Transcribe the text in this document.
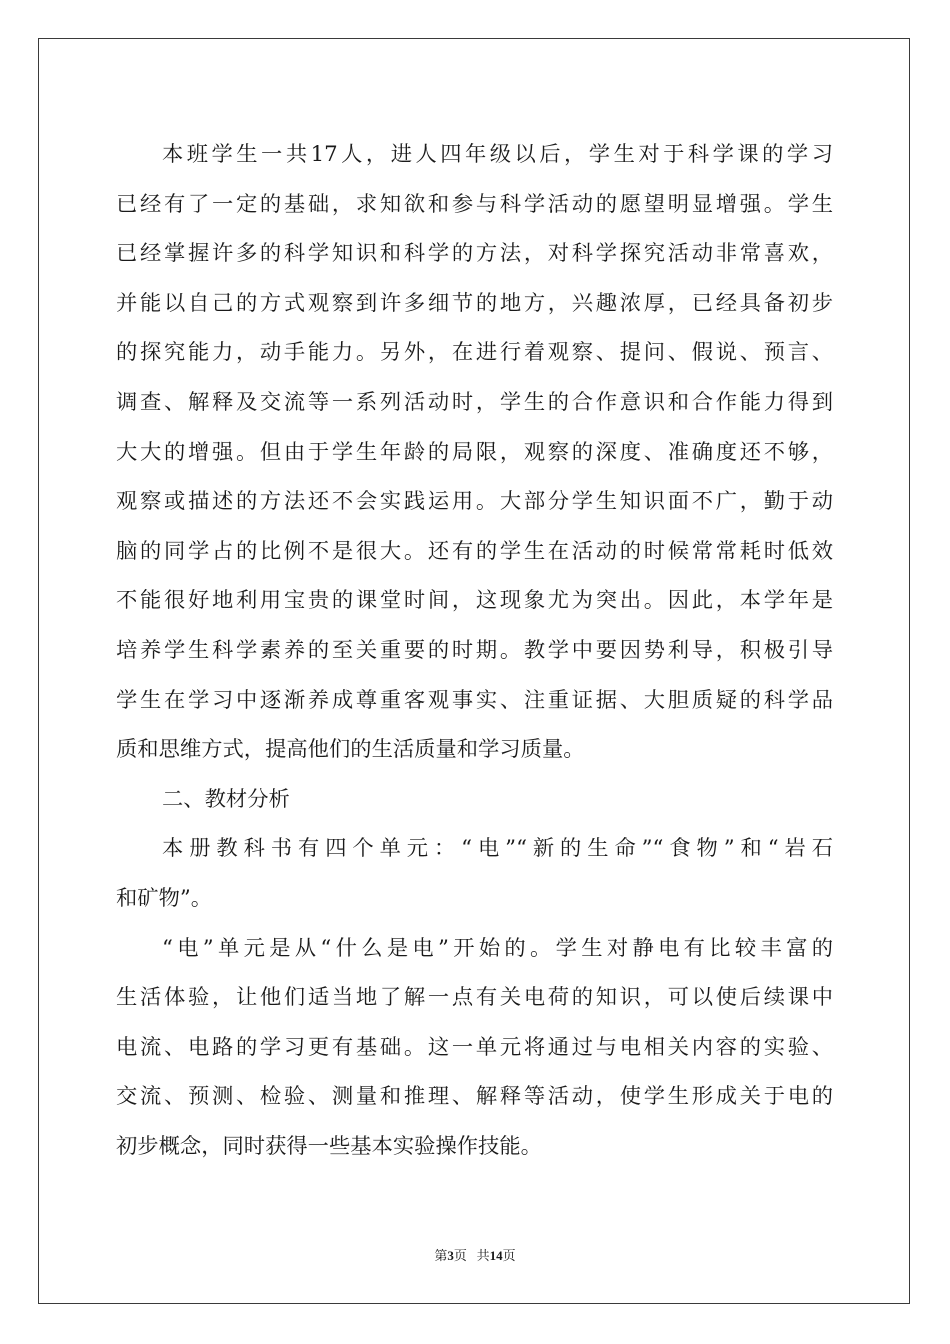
本班学生一共17人，进人四年级以后，学生对于科学课的学习
已经有了一定的基础，求知欲和参与科学活动的愿望明显增强。学生
已经掌握许多的科学知识和科学的方法，对科学探究活动非常喜欢，
并能以自己的方式观察到许多细节的地方，兴趣浓厚，已经具备初步
的探究能力，动手能力。另外，在进行着观察、提问、假说、预言、
调查、解释及交流等一系列活动时，学生的合作意识和合作能力得到
大大的增强。但由于学生年龄的局限，观察的深度、准确度还不够，
观察或描述的方法还不会实践运用。大部分学生知识面不广，勤于动
脑的同学占的比例不是很大。还有的学生在活动的时候常常耗时低效
不能很好地利用宝贵的课堂时间，这现象尤为突出。因此，本学年是
培养学生科学素养的至关重要的时期。教学中要因势利导，积极引导
学生在学习中逐渐养成尊重客观事实、注重证据、大胆质疑的科学品
质和思维方式，提高他们的生活质量和学习质量。
二、教材分析
本册教科书有四个单元：“电”“新的生命”“食物”和“岩石
和矿物”。
“电”单元是从“什么是电”开始的。学生对静电有比较丰富的
生活体验，让他们适当地了解一点有关电荷的知识，可以使后续课中
电流、电路的学习更有基础。这一单元将通过与电相关内容的实验、
交流、预测、检验、测量和推理、解释等活动，使学生形成关于电的
初步概念，同时获得一些基本实验操作技能。
第3页 共14页
